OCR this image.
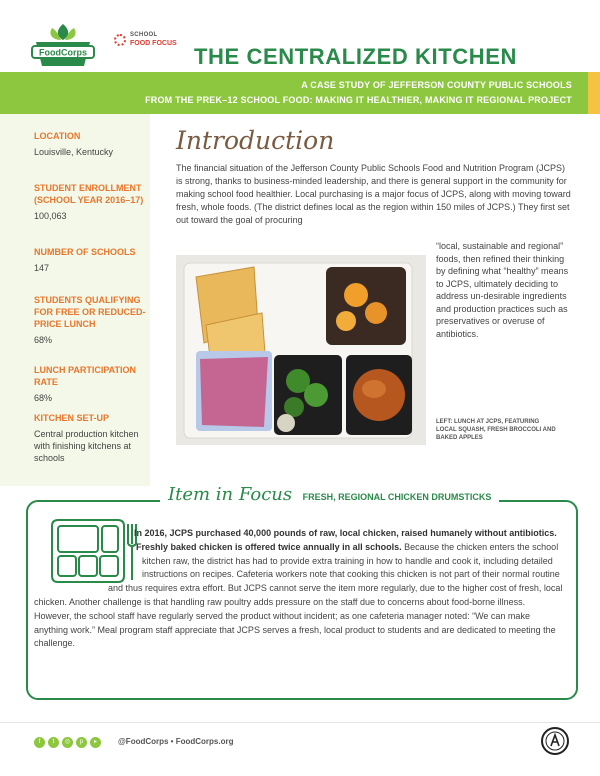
FoodCorps
SCHOOL
FOOD FOCUS
THE CENTRALIZED KITCHEN
A CASE STUDY OF JEFFERSON COUNTY PUBLIC SCHOOLS
FROM THE PREK–12 SCHOOL FOOD: MAKING IT HEALTHIER, MAKING IT REGIONAL PROJECT
LOCATION
Louisville, Kentucky
STUDENT ENROLLMENT (SCHOOL YEAR 2016–17)
100,063
NUMBER OF SCHOOLS
147
STUDENTS QUALIFYING FOR FREE OR REDUCED-PRICE LUNCH
68%
LUNCH PARTICIPATION RATE
68%
KITCHEN SET-UP
Central production kitchen with finishing kitchens at schools
Introduction
The financial situation of the Jefferson County Public Schools Food and Nutrition Program (JCPS) is strong, thanks to business-minded leadership, and there is general support in the community for making school food healthier. Local purchasing is a major focus of JCPS, along with moving toward fresh, whole foods. (The district defines local as the region within 150 miles of JCPS.) They first set out toward the goal of procuring
“local, sustainable and regional” foods, then refined their thinking by defining what “healthy” means to JCPS, ultimately deciding to address un-desirable ingredients and production practices such as preservatives or overuse of antibiotics.
LEFT: LUNCH AT JCPS, FEATURING LOCAL SQUASH, FRESH BROCCOLI AND BAKED APPLES
Item in Focus FRESH, REGIONAL CHICKEN DRUMSTICKS
In 2016, JCPS purchased 40,000 pounds of raw, local chicken, raised humanely without antibiotics. Freshly baked chicken is offered twice annually in all schools. Because the chicken enters the school kitchen raw, the district has had to provide extra training in how to handle and cook it, including detailed instructions on recipes. Cafeteria workers note that cooking this chicken is not part of their normal routine and thus requires extra effort. But JCPS cannot serve the item more regularly, due to the higher cost of fresh, local chicken. Another challenge is that handling raw poultry adds pressure on the staff due to concerns about food-borne illness. However, the school staff have regularly served the product without incident; as one cafeteria manager noted: “We can make anything work.” Meal program staff appreciate that JCPS serves a fresh, local product to students and are dedicated to meeting the challenge.
f	t	◎	p	▸	@FoodCorps • FoodCorps.org
